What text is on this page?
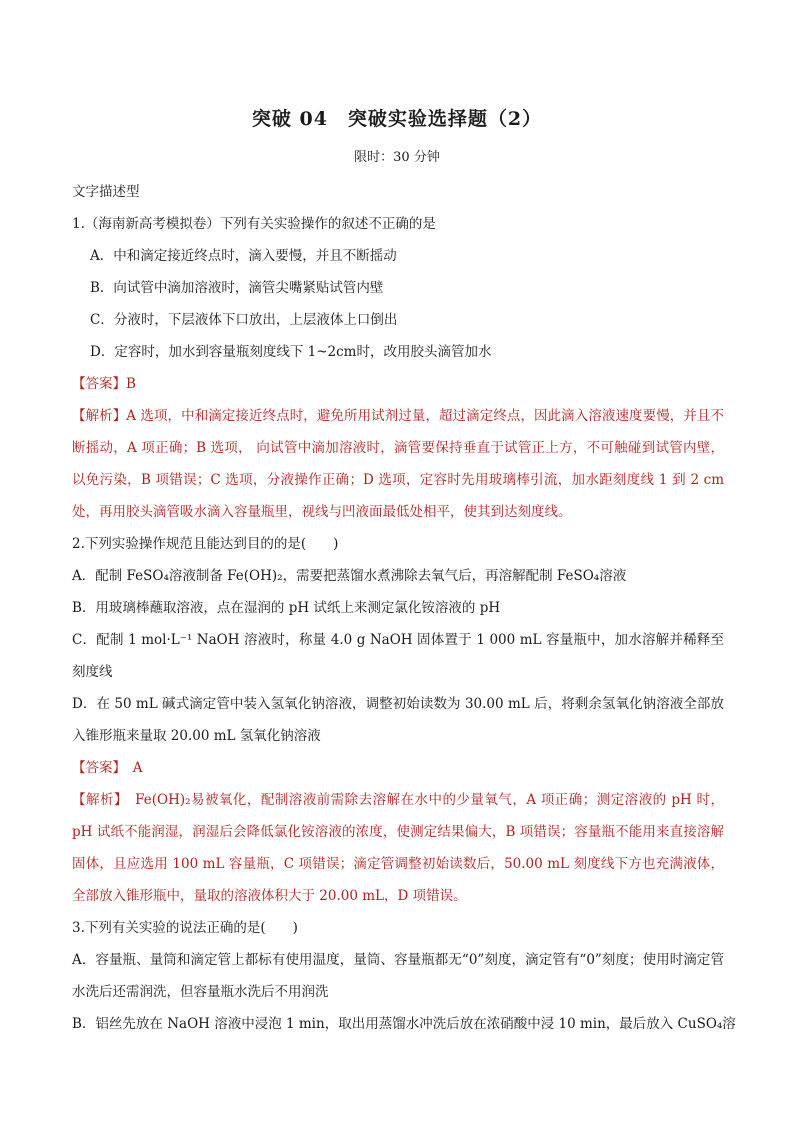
突破 04　突破实验选择题（2）
限时：30 分钟
文字描述型
1.（海南新高考模拟卷）下列有关实验操作的叙述不正确的是
A．中和滴定接近终点时，滴入要慢，并且不断摇动
B．向试管中滴加溶液时，滴管尖嘴紧贴试管内壁
C．分液时，下层液体下口放出，上层液体上口倒出
D．定容时，加水到容量瓶刻度线下 1~2cm时，改用胶头滴管加水
【答案】B
【解析】A 选项，中和滴定接近终点时，避免所用试剂过量，超过滴定终点，因此滴入溶液速度要慢，并且不断摇动，A 项正确；B 选项， 向试管中滴加溶液时，滴管要保持垂直于试管正上方，不可触碰到试管内壁，以免污染，B 项错误；C 选项，分液操作正确；D 选项，定容时先用玻璃棒引流，加水距刻度线 1 到 2 cm处，再用胶头滴管吸水滴入容量瓶里，视线与凹液面最低处相平，使其到达刻度线。
2.下列实验操作规范且能达到目的的是(　　)
A．配制 FeSO₄溶液制备 Fe(OH)₂，需要把蒸馏水煮沸除去氧气后，再溶解配制 FeSO₄溶液
B．用玻璃棒蘸取溶液，点在湿润的 pH 试纸上来测定氯化铵溶液的 pH
C．配制 1 mol·L⁻¹ NaOH 溶液时，称量 4.0 g NaOH 固体置于 1 000 mL 容量瓶中，加水溶解并稀释至刻度线
D．在 50 mL 碱式滴定管中装入氢氧化钠溶液，调整初始读数为 30.00 mL 后，将剩余氢氧化钠溶液全部放入锥形瓶来量取 20.00 mL 氢氧化钠溶液
【答案】　A
【解析】　Fe(OH)₂易被氧化，配制溶液前需除去溶解在水中的少量氧气，A 项正确；测定溶液的 pH 时，pH 试纸不能润湿，润湿后会降低氯化铵溶液的浓度，使测定结果偏大，B 项错误；容量瓶不能用来直接溶解固体，且应选用 100 mL 容量瓶，C 项错误；滴定管调整初始读数后，50.00 mL 刻度线下方也充满液体，全部放入锥形瓶中，量取的溶液体积大于 20.00 mL，D 项错误。
3.下列有关实验的说法正确的是(　　)
A．容量瓶、量筒和滴定管上都标有使用温度，量筒、容量瓶都无“0”刻度，滴定管有“0”刻度；使用时滴定管水洗后还需润洗，但容量瓶水洗后不用润洗
B．铝丝先放在 NaOH 溶液中浸泡 1 min，取出用蒸馏水冲洗后放在浓硝酸中浸 10 min，最后放入 CuSO₄溶
